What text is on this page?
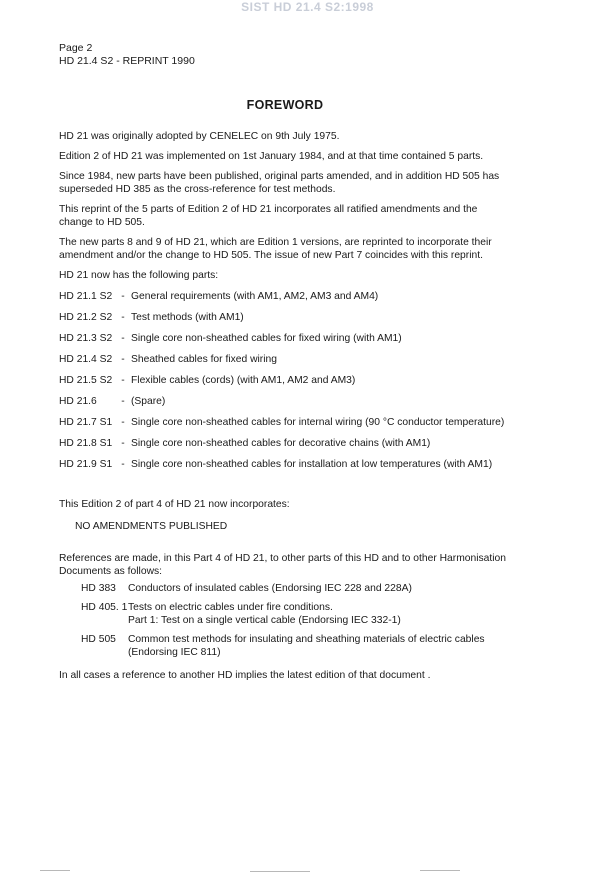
SIST HD 21.4 S2:1998
Page 2
HD 21.4 S2 - REPRINT 1990
FOREWORD

HD 21 was originally adopted by CENELEC on 9th July 1975.

Edition 2 of HD 21 was implemented on 1st January 1984, and at that time contained 5 parts.

Since 1984, new parts have been published, original parts amended, and in addition HD 505 has superseded HD 385 as the cross-reference for test methods.

This reprint of the 5 parts of Edition 2 of HD 21 incorporates all ratified amendments and the change to HD 505.

The new parts 8 and 9 of HD 21, which are Edition 1 versions, are reprinted to incorporate their amendment and/or the change to HD 505. The issue of new Part 7 coincides with this reprint.

HD 21 now has the following parts:

HD 21.1 S2 - General requirements (with AM1, AM2, AM3 and AM4)
HD 21.2 S2 - Test methods (with AM1)
HD 21.3 S2 - Single core non-sheathed cables for fixed wiring (with AM1)
HD 21.4 S2 - Sheathed cables for fixed wiring
HD 21.5 S2 - Flexible cables (cords) (with AM1, AM2 and AM3)
HD 21.6	- (Spare)
HD 21.7 S1 - Single core non-sheathed cables for internal wiring (90 °C conductor temperature)
HD 21.8 S1 - Single core non-sheathed cables for decorative chains (with AM1)
HD 21.9 S1 - Single core non-sheathed cables for installation at low temperatures (with AM1)

This Edition 2 of part 4 of HD 21 now incorporates:

NO AMENDMENTS PUBLISHED

References are made, in this Part 4 of HD 21, to other parts of this HD and to other Harmonisation Documents as follows:

HD 383	Conductors of insulated cables (Endorsing IEC 228 and 228A)
HD 405. 1 Tests on electric cables under fire conditions.
Part 1: Test on a single vertical cable (Endorsing IEC 332-1)
HD 505	Common test methods for insulating and sheathing materials of electric cables
(Endorsing IEC 811)

In all cases a reference to another HD implies the latest edition of that document .
